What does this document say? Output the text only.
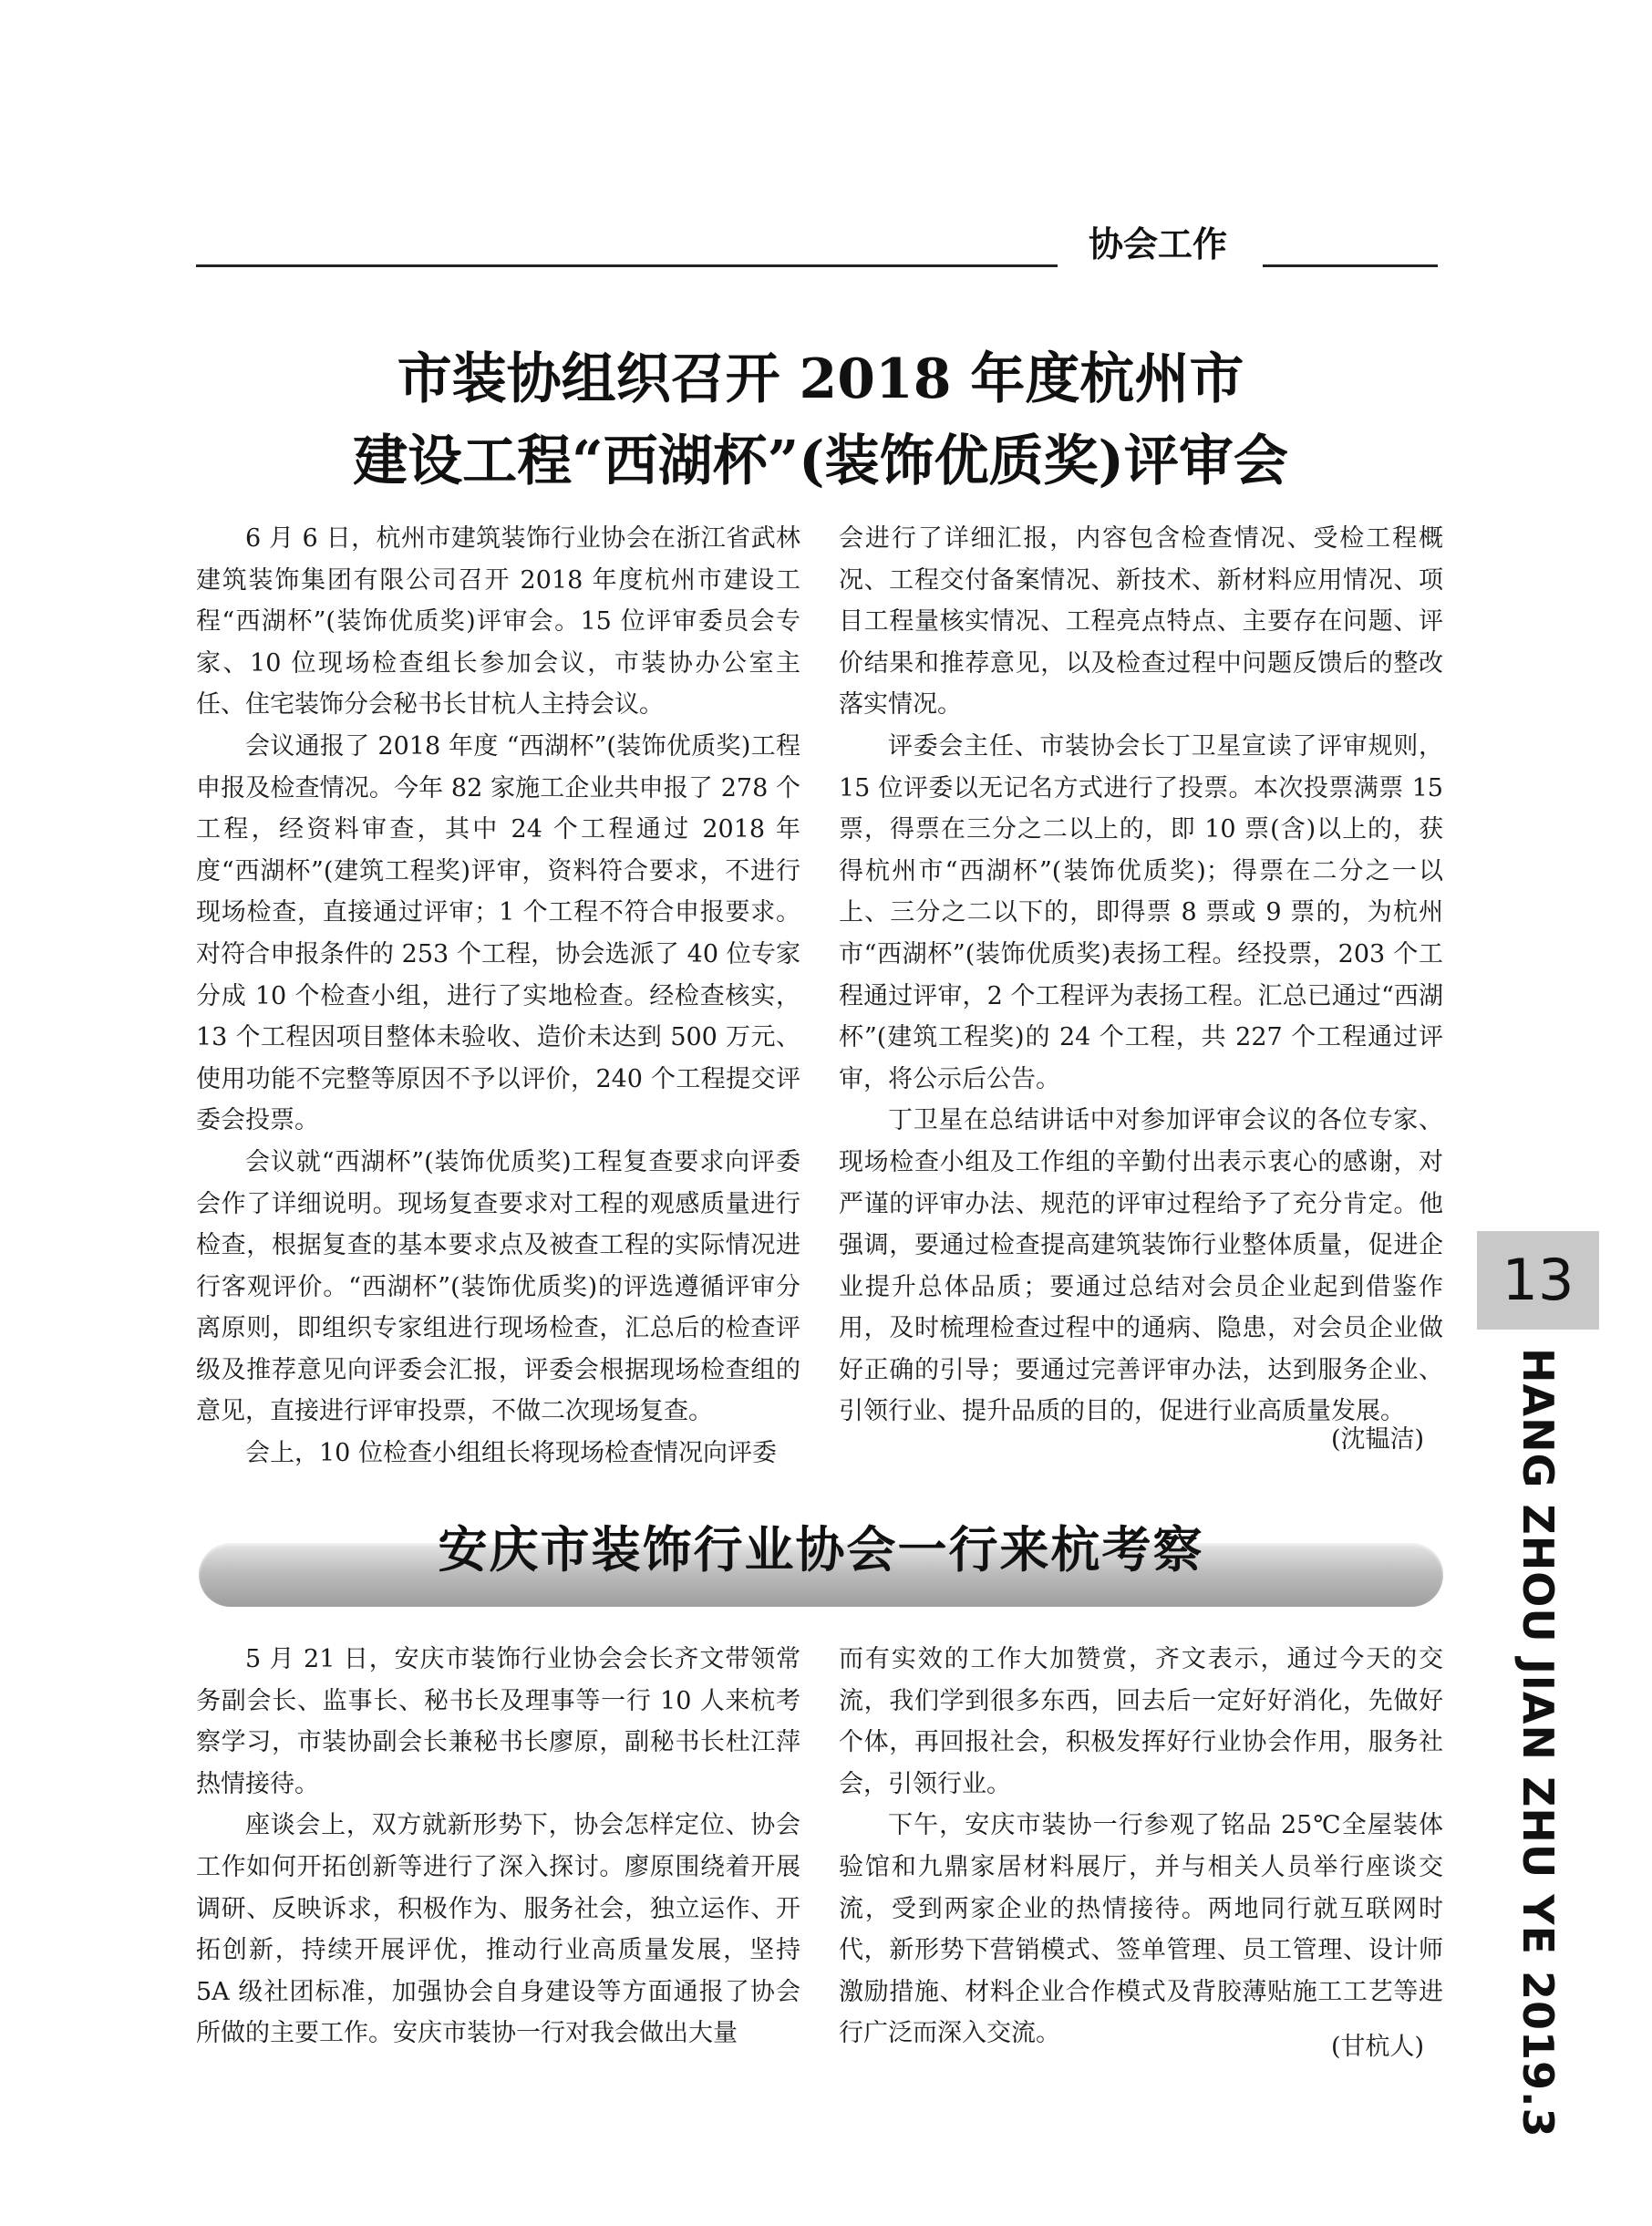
协会工作
市装协组织召开 2018 年度杭州市
建设工程“西湖杯”(装饰优质奖)评审会

6 月 6 日，杭州市建筑装饰行业协会在浙江省武林建筑装饰集团有限公司召开 2018 年度杭州市建设工程“西湖杯”(装饰优质奖)评审会。15 位评审委员会专家、10 位现场检查组长参加会议，市装协办公室主任、住宅装饰分会秘书长甘杭人主持会议。

会议通报了 2018 年度 “西湖杯”(装饰优质奖)工程申报及检查情况。今年 82 家施工企业共申报了 278 个工程，经资料审查，其中 24 个工程通过 2018 年度“西湖杯”(建筑工程奖)评审，资料符合要求，不进行现场检查，直接通过评审；1 个工程不符合申报要求。对符合申报条件的 253 个工程，协会选派了 40 位专家分成 10 个检查小组，进行了实地检查。经检查核实，13 个工程因项目整体未验收、造价未达到 500 万元、使用功能不完整等原因不予以评价，240 个工程提交评委会投票。

会议就“西湖杯”(装饰优质奖)工程复查要求向评委会作了详细说明。现场复查要求对工程的观感质量进行检查，根据复查的基本要求点及被查工程的实际情况进行客观评价。“西湖杯”(装饰优质奖)的评选遵循评审分离原则，即组织专家组进行现场检查，汇总后的检查评级及推荐意见向评委会汇报，评委会根据现场检查组的意见，直接进行评审投票，不做二次现场复查。

会上，10 位检查小组组长将现场检查情况向评委

会进行了详细汇报，内容包含检查情况、受检工程概况、工程交付备案情况、新技术、新材料应用情况、项目工程量核实情况、工程亮点特点、主要存在问题、评价结果和推荐意见，以及检查过程中问题反馈后的整改落实情况。

评委会主任、市装协会长丁卫星宣读了评审规则，15 位评委以无记名方式进行了投票。本次投票满票 15 票，得票在三分之二以上的，即 10 票(含)以上的，获得杭州市“西湖杯”(装饰优质奖)；得票在二分之一以上、三分之二以下的，即得票 8 票或 9 票的，为杭州市“西湖杯”(装饰优质奖)表扬工程。经投票，203 个工程通过评审，2 个工程评为表扬工程。汇总已通过“西湖杯”(建筑工程奖)的 24 个工程，共 227 个工程通过评审，将公示后公告。

丁卫星在总结讲话中对参加评审会议的各位专家、现场检查小组及工作组的辛勤付出表示衷心的感谢，对严谨的评审办法、规范的评审过程给予了充分肯定。他强调，要通过检查提高建筑装饰行业整体质量，促进企业提升总体品质；要通过总结对会员企业起到借鉴作用，及时梳理检查过程中的通病、隐患，对会员企业做好正确的引导；要通过完善评审办法，达到服务企业、引领行业、提升品质的目的，促进行业高质量发展。

(沈韫洁)
安庆市装饰行业协会一行来杭考察

5 月 21 日，安庆市装饰行业协会会长齐文带领常务副会长、监事长、秘书长及理事等一行 10 人来杭考察学习，市装协副会长兼秘书长廖原，副秘书长杜江萍热情接待。

座谈会上，双方就新形势下，协会怎样定位、协会工作如何开拓创新等进行了深入探讨。廖原围绕着开展调研、反映诉求，积极作为、服务社会，独立运作、开拓创新，持续开展评优，推动行业高质量发展，坚持 5A 级社团标准，加强协会自身建设等方面通报了协会所做的主要工作。安庆市装协一行对我会做出大量

而有实效的工作大加赞赏，齐文表示，通过今天的交流，我们学到很多东西，回去后一定好好消化，先做好个体，再回报社会，积极发挥好行业协会作用，服务社会，引领行业。

下午，安庆市装协一行参观了铭品 25℃全屋装体验馆和九鼎家居材料展厅，并与相关人员举行座谈交流，受到两家企业的热情接待。两地同行就互联网时代，新形势下营销模式、签单管理、员工管理、设计师激励措施、材料企业合作模式及背胶薄贴施工工艺等进行广泛而深入交流。	(甘杭人)
13
HANG ZHOU JIAN ZHU YE 2019.3
